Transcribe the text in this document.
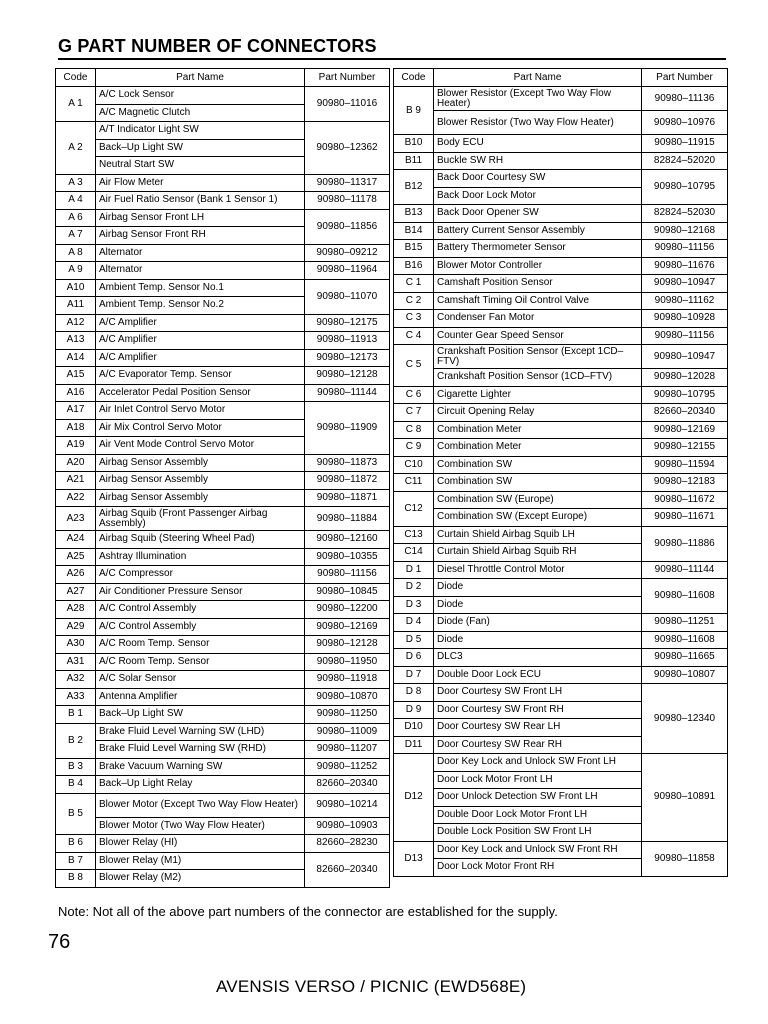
G PART NUMBER OF CONNECTORS
Code	Part Name	Part Number
A 1	A/C Lock Sensor	90980–11016
	A/C Magnetic Clutch	
A 2	A/T Indicator Light SW	90980–12362
	Back–Up Light SW	
	Neutral Start SW	
A 3	Air Flow Meter	90980–11317
A 4	Air Fuel Ratio Sensor (Bank 1 Sensor 1)	90980–11178
A 6	Airbag Sensor Front LH	90980–11856
A 7	Airbag Sensor Front RH	
A 8	Alternator	90980–09212
A 9	Alternator	90980–11964
A10	Ambient Temp. Sensor No.1	90980–11070
A11	Ambient Temp. Sensor No.2	
A12	A/C Amplifier	90980–12175
A13	A/C Amplifier	90980–11913
A14	A/C Amplifier	90980–12173
A15	A/C Evaporator Temp. Sensor	90980–12128
A16	Accelerator Pedal Position Sensor	90980–11144
A17	Air Inlet Control Servo Motor	90980–11909
A18	Air Mix Control Servo Motor	
A19	Air Vent Mode Control Servo Motor	
A20	Airbag Sensor Assembly	90980–11873
A21	Airbag Sensor Assembly	90980–11872
A22	Airbag Sensor Assembly	90980–11871
A23	Airbag Squib (Front Passenger Airbag Assembly)	90980–11884
A24	Airbag Squib (Steering Wheel Pad)	90980–12160
A25	Ashtray Illumination	90980–10355
A26	A/C Compressor	90980–11156
A27	Air Conditioner Pressure Sensor	90980–10845
A28	A/C Control Assembly	90980–12200
A29	A/C Control Assembly	90980–12169
A30	A/C Room Temp. Sensor	90980–12128
A31	A/C Room Temp. Sensor	90980–11950
A32	A/C Solar Sensor	90980–11918
A33	Antenna Amplifier	90980–10870
B 1	Back–Up Light SW	90980–11250
B 2	Brake Fluid Level Warning SW (LHD)	90980–11009
	Brake Fluid Level Warning SW (RHD)	90980–11207
B 3	Brake Vacuum Warning SW	90980–11252
B 4	Back–Up Light Relay	82660–20340
B 5	Blower Motor (Except Two Way Flow Heater)	90980–10214
	Blower Motor (Two Way Flow Heater)	90980–10903
B 6	Blower Relay (HI)	82660–28230
B 7	Blower Relay (M1)	82660–20340
B 8	Blower Relay (M2)	
Code	Part Name	Part Number
B 9	Blower Resistor (Except Two Way Flow Heater)	90980–11136
	Blower Resistor (Two Way Flow Heater)	90980–10976
B10	Body ECU	90980–11915
B11	Buckle SW RH	82824–52020
B12	Back Door Courtesy SW	90980–10795
	Back Door Lock Motor	
B13	Back Door Opener SW	82824–52030
B14	Battery Current Sensor Assembly	90980–12168
B15	Battery Thermometer Sensor	90980–11156
B16	Blower Motor Controller	90980–11676
C 1	Camshaft Position Sensor	90980–10947
C 2	Camshaft Timing Oil Control Valve	90980–11162
C 3	Condenser Fan Motor	90980–10928
C 4	Counter Gear Speed Sensor	90980–11156
C 5	Crankshaft Position Sensor (Except 1CD–FTV)	90980–10947
	Crankshaft Position Sensor (1CD–FTV)	90980–12028
C 6	Cigarette Lighter	90980–10795
C 7	Circuit Opening Relay	82660–20340
C 8	Combination Meter	90980–12169
C 9	Combination Meter	90980–12155
C10	Combination SW	90980–11594
C11	Combination SW	90980–12183
C12	Combination SW (Europe)	90980–11672
	Combination SW (Except Europe)	90980–11671
C13	Curtain Shield Airbag Squib LH	90980–11886
C14	Curtain Shield Airbag Squib RH	
D 1	Diesel Throttle Control Motor	90980–11144
D 2	Diode	90980–11608
D 3	Diode	
D 4	Diode (Fan)	90980–11251
D 5	Diode	90980–11608
D 6	DLC3	90980–11665
D 7	Double Door Lock ECU	90980–10807
D 8	Door Courtesy SW Front LH	90980–12340
D 9	Door Courtesy SW Front RH	
D10	Door Courtesy SW Rear LH	
D11	Door Courtesy SW Rear RH	
D12	Door Key Lock and Unlock SW Front LH	90980–10891
	Door Lock Motor Front LH	
	Door Unlock Detection SW Front LH	
	Double Door Lock Motor Front LH	
	Double Lock Position SW Front LH	
D13	Door Key Lock and Unlock SW Front RH	90980–11858
	Door Lock Motor Front RH	
Note: Not all of the above part numbers of the connector are established for the supply.
76
AVENSIS VERSO / PICNIC (EWD568E)
